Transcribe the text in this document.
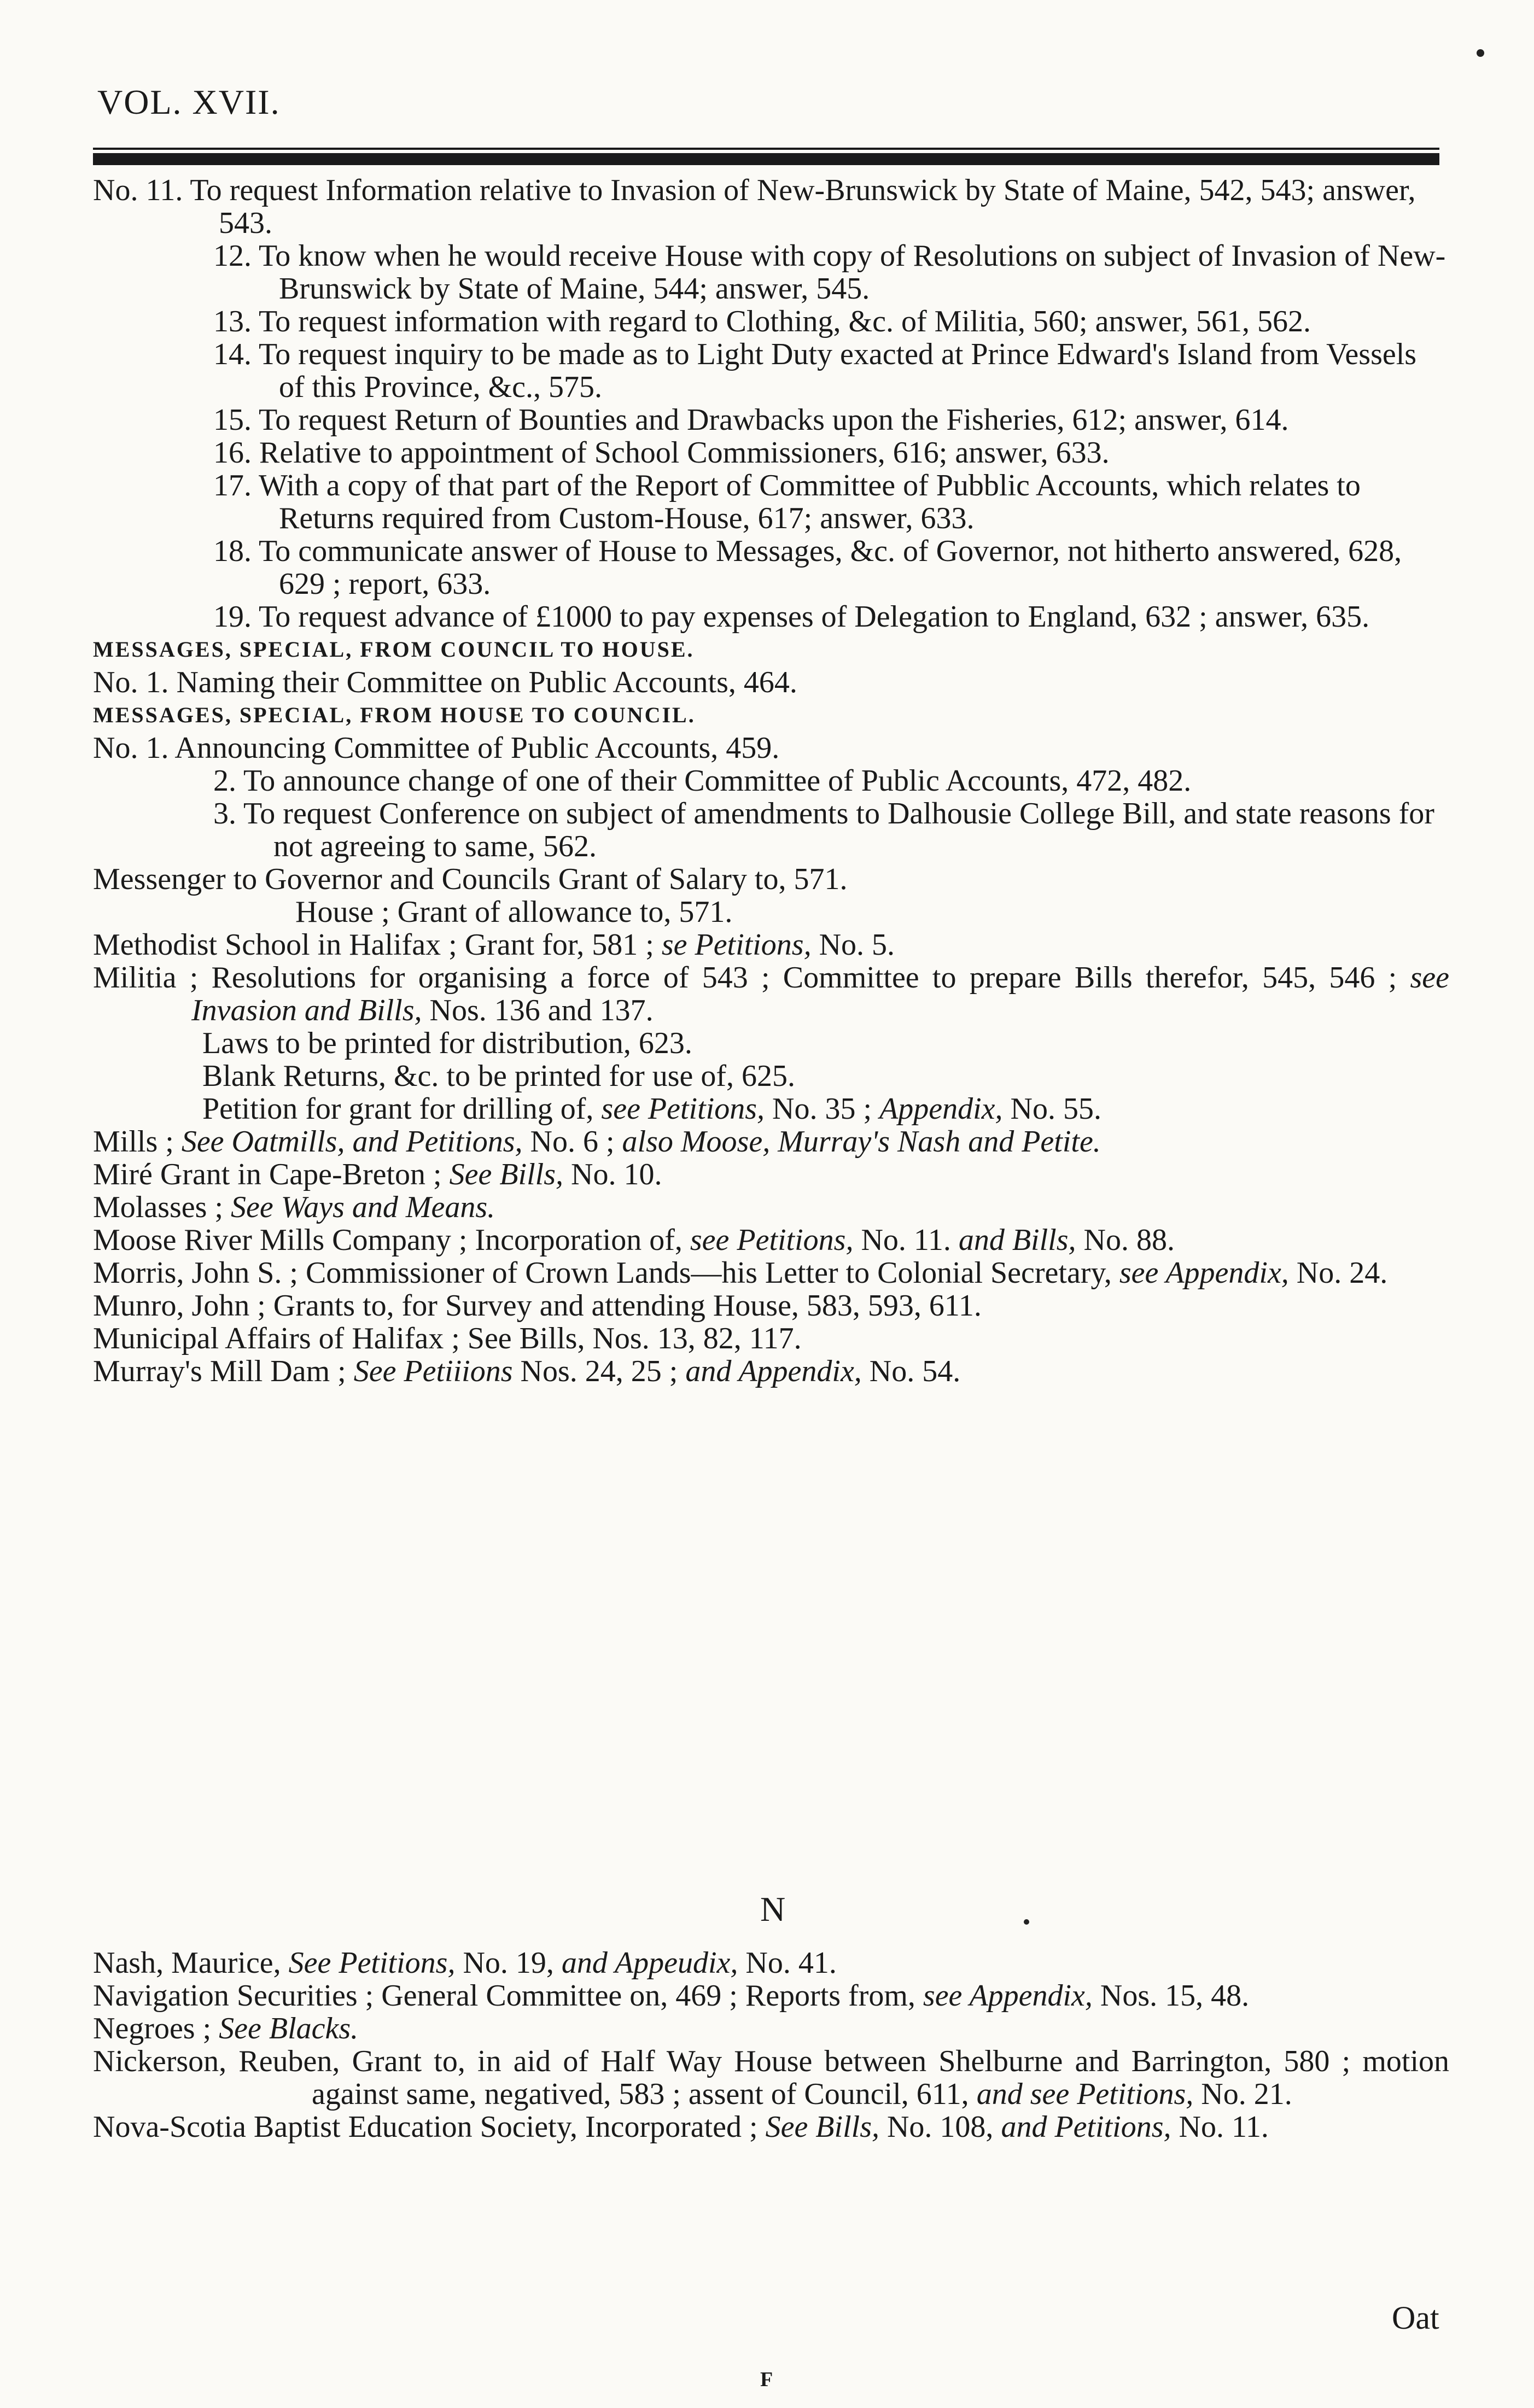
VOL. XVII.

No. 11. To request Information relative to Invasion of New-Brunswick by State of Maine, 542, 543; answer, 543.

12. To know when he would receive House with copy of Resolutions on subject of Invasion of New-Brunswick by State of Maine, 544; answer, 545.

13. To request information with regard to Clothing, &c. of Militia, 560; answer, 561, 562.

14. To request inquiry to be made as to Light Duty exacted at Prince Edward's Island from Vessels of this Province, &c., 575.

15. To request Return of Bounties and Drawbacks upon the Fisheries, 612; answer, 614.

16. Relative to appointment of School Commissioners, 616; answer, 633.

17. With a copy of that part of the Report of Committee of Pubblic Accounts, which relates to Returns required from Custom-House, 617; answer, 633.

18. To communicate answer of House to Messages, &c. of Governor, not hitherto answered, 628, 629 ; report, 633.

19. To request advance of £1000 to pay expenses of Delegation to England, 632 ; answer, 635.

MESSAGES, SPECIAL, FROM COUNCIL TO HOUSE.

No. 1. Naming their Committee on Public Accounts, 464.

MESSAGES, SPECIAL, FROM HOUSE TO COUNCIL.

No. 1. Announcing Committee of Public Accounts, 459.

2. To announce change of one of their Committee of Public Accounts, 472, 482.

3. To request Conference on subject of amendments to Dalhousie College Bill, and state reasons for not agreeing to same, 562.

Messenger to Governor and Councils Grant of Salary to, 571.

House ; Grant of allowance to, 571.

Methodist School in Halifax ; Grant for, 581 ; se Petitions, No. 5.

Militia ; Resolutions for organising a force of 543 ; Committee to prepare Bills therefor, 545, 546 ; see Invasion and Bills, Nos. 136 and 137.

Laws to be printed for distribution, 623.

Blank Returns, &c. to be printed for use of, 625.

Petition for grant for drilling of, see Petitions, No. 35 ; Appendix, No. 55.

Mills ; See Oatmills, and Petitions, No. 6 ; also Moose, Murray's Nash and Petite.

Miré Grant in Cape-Breton ; See Bills, No. 10.

Molasses ; See Ways and Means.

Moose River Mills Company ; Incorporation of, see Petitions, No. 11. and Bills, No. 88.

Morris, John S. ; Commissioner of Crown Lands—his Letter to Colonial Secretary, see Appendix, No. 24.

Munro, John ; Grants to, for Survey and attending House, 583, 593, 611.

Municipal Affairs of Halifax ; See Bills, Nos. 13, 82, 117.

Murray's Mill Dam ; See Petiiions Nos. 24, 25 ; and Appendix, No. 54.

N

Nash, Maurice, See Petitions, No. 19, and Appeudix, No. 41.

Navigation Securities ; General Committee on, 469 ; Reports from, see Appendix, Nos. 15, 48.

Negroes ; See Blacks.

Nickerson, Reuben, Grant to, in aid of Half Way House between Shelburne and Barrington, 580 ; motion against same, negatived, 583 ; assent of Council, 611, and see Petitions, No. 21.

Nova-Scotia Baptist Education Society, Incorporated ; See Bills, No. 108, and Petitions, No. 11.

Oat
F
